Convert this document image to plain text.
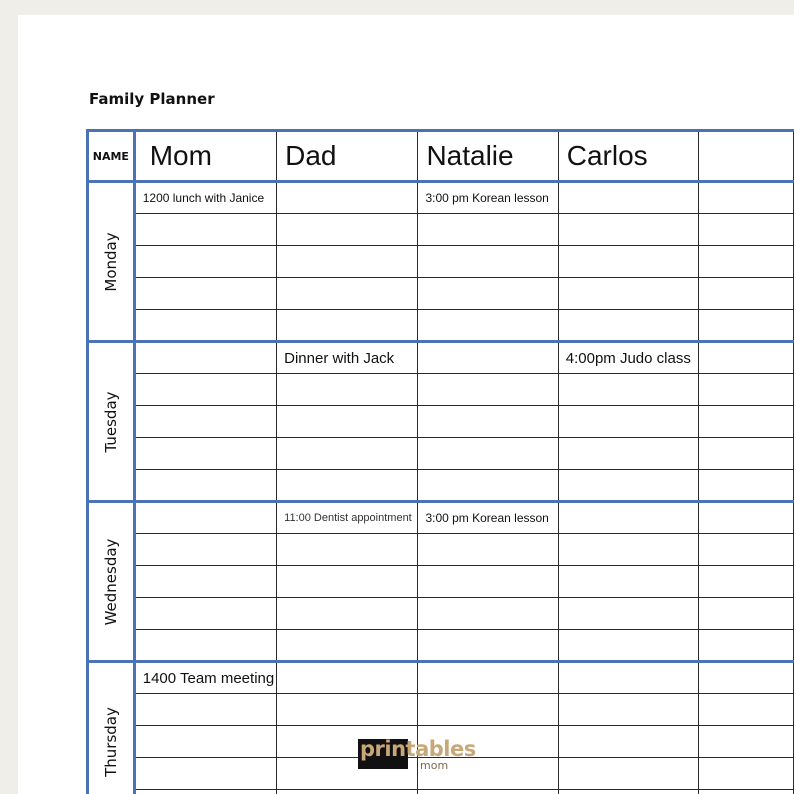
Family Planner
NAME	Mom	Dad	Natalie	Carlos	

Monday	1200 lunch with Janice		3:00 pm Korean lesson		

Tuesday		Dinner with Jack		4:00pm Judo class	

Wednesday		11:00 Dentist appointment	3:00 pm Korean lesson		

Thursday	1400 Team meeting				

printables
mom
